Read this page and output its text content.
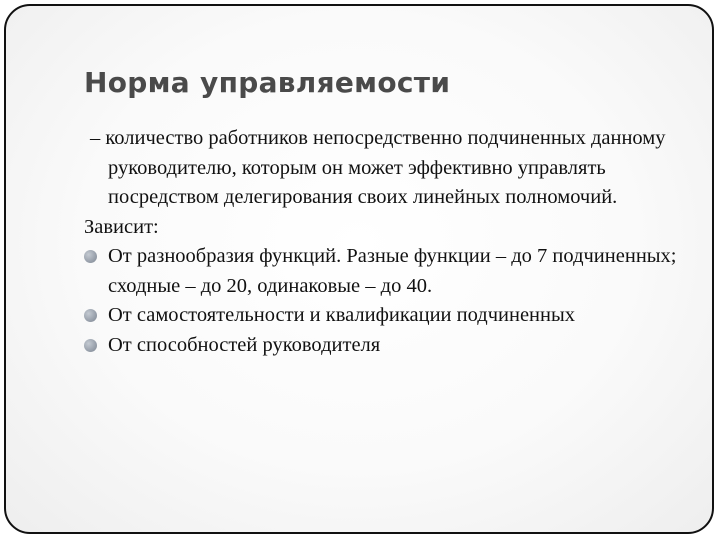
Норма управляемости

– количество работников непосредственно подчиненных данному руководителю, которым он может эффективно управлять посредством делегирования своих линейных полномочий.

Зависит:

От разнообразия функций. Разные функции – до 7 подчиненных; сходные – до 20, одинаковые – до 40.
От самостоятельности и квалификации подчиненных
От способностей руководителя
